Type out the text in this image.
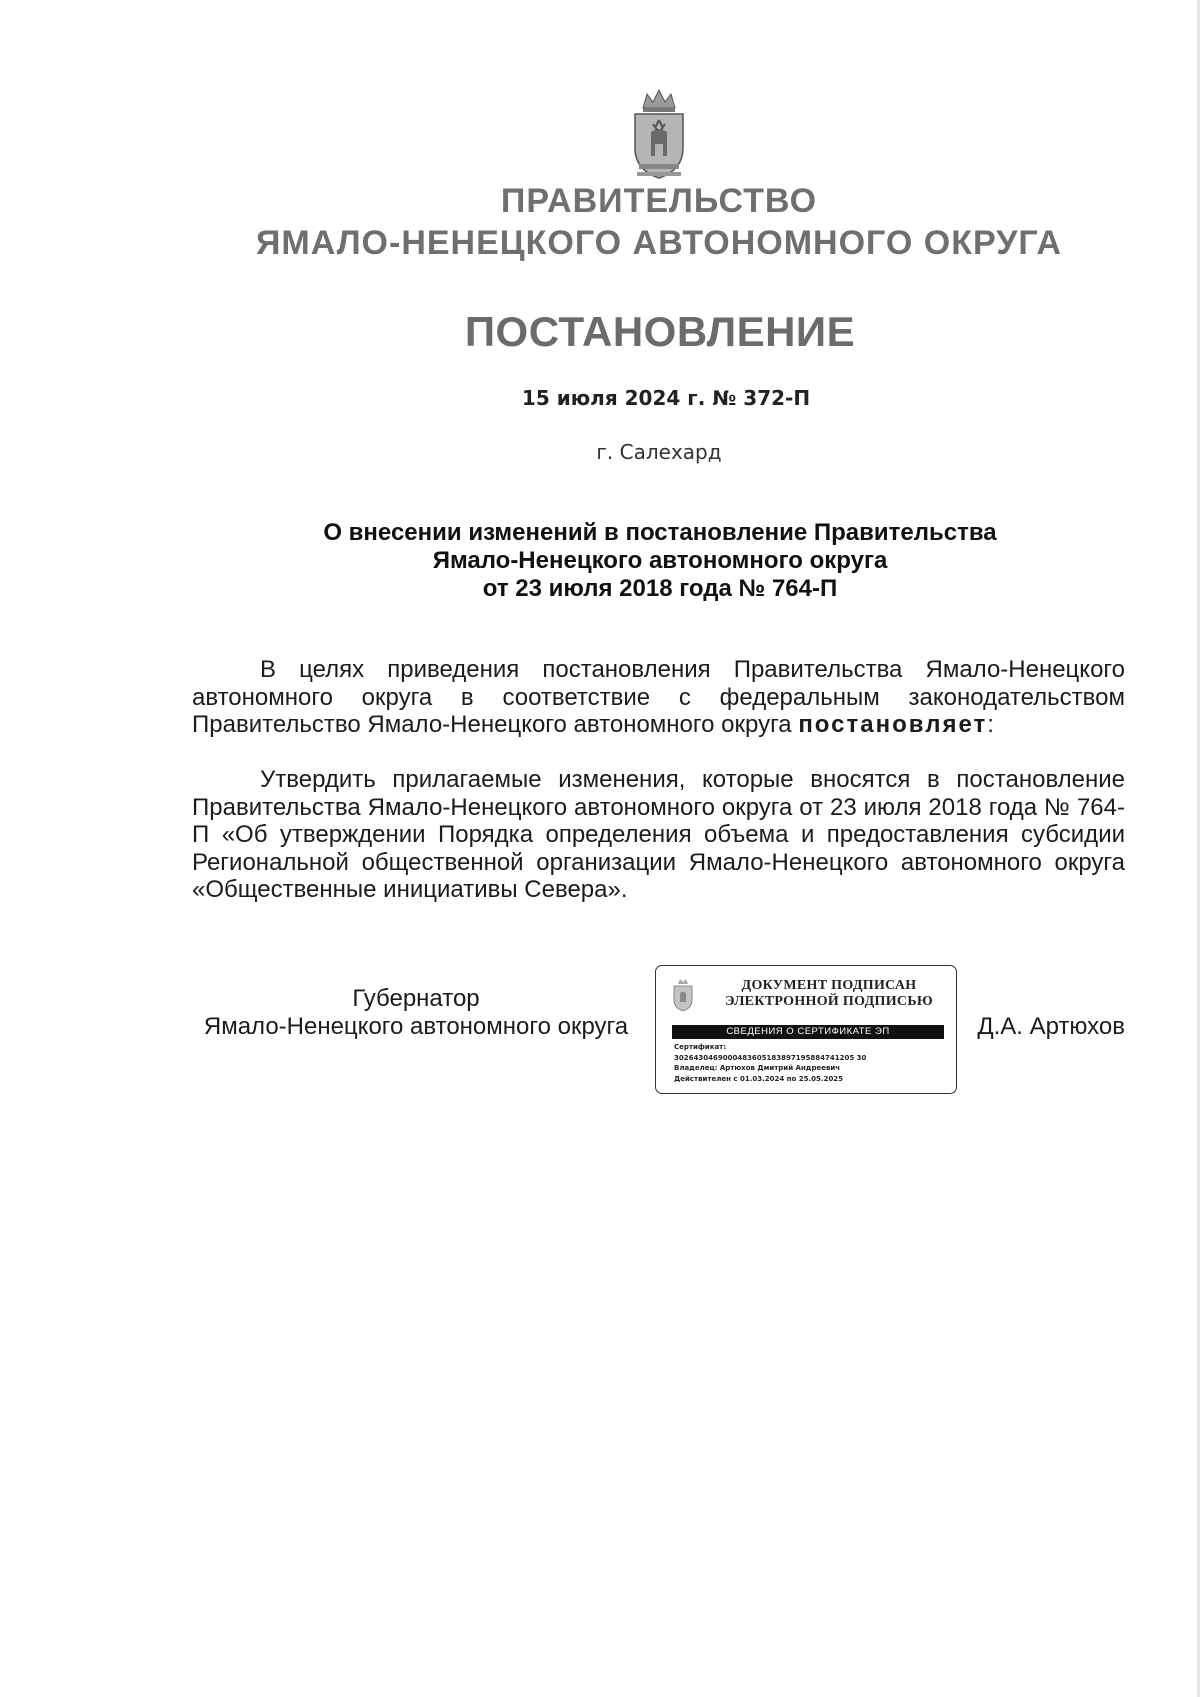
ПРАВИТЕЛЬСТВО
ЯМАЛО-НЕНЕЦКОГО АВТОНОМНОГО ОКРУГА
ПОСТАНОВЛЕНИЕ
15 июля 2024 г. № 372-П
г. Салехард
О внесении изменений в постановление Правительства
Ямало-Ненецкого автономного округа
от 23 июля 2018 года № 764-П

В целях приведения постановления Правительства Ямало-Ненецкого автономного округа в соответствие с федеральным законодательством Правительство Ямало-Ненецкого автономного округа постановляет:

Утвердить прилагаемые изменения, которые вносятся в постановление Правительства Ямало-Ненецкого автономного округа от 23 июля 2018 года № 764-П «Об утверждении Порядка определения объема и предоставления субсидии Региональной общественной организации Ямало-Ненецкого автономного округа «Общественные инициативы Севера».

Губернатор
Ямало-Ненецкого автономного округа
ДОКУМЕНТ ПОДПИСАН
ЭЛЕКТРОННОЙ ПОДПИСЬЮ
СВЕДЕНИЯ О СЕРТИФИКАТЕ ЭП
Сертификат:
3026430469000483605183897195884741205 30
Владелец: Артюхов Дмитрий Андреевич
Действителен с 01.03.2024 по 25.05.2025
Д.А. Артюхов
